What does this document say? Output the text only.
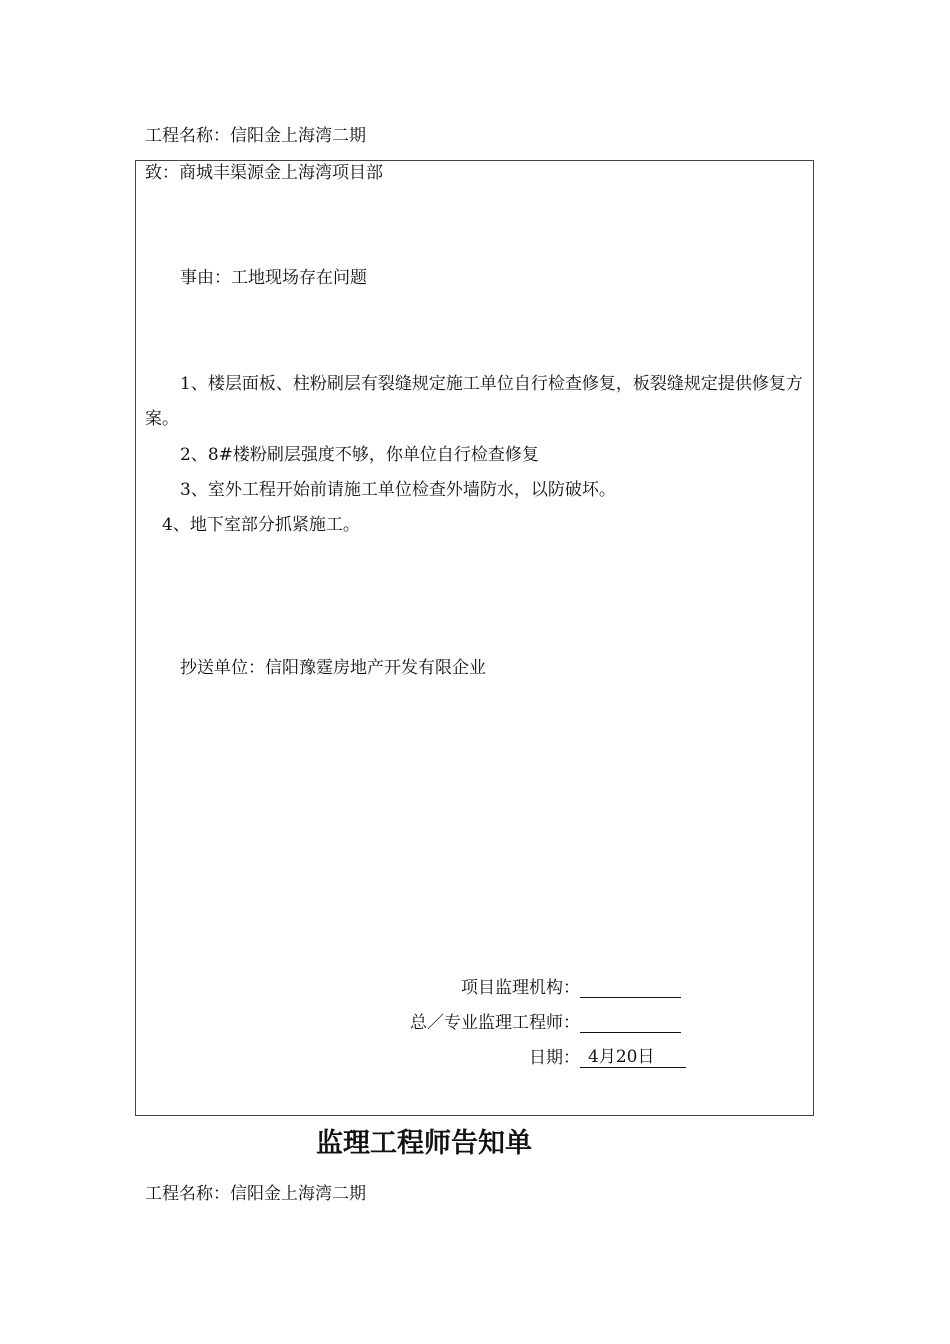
工程名称：信阳金上海湾二期
致：商城丰渠源金上海湾项目部
事由：工地现场存在问题
1、楼层面板、柱粉刷层有裂缝规定施工单位自行检查修复，板裂缝规定提供修复方案。
2、8#楼粉刷层强度不够，你单位自行检查修复
3、室外工程开始前请施工单位检查外墙防水，以防破坏。
4、地下室部分抓紧施工。
抄送单位：信阳豫霆房地产开发有限企业
项目监理机构：
总／专业监理工程师：
日期： 4月20日
监理工程师告知单
工程名称：信阳金上海湾二期
